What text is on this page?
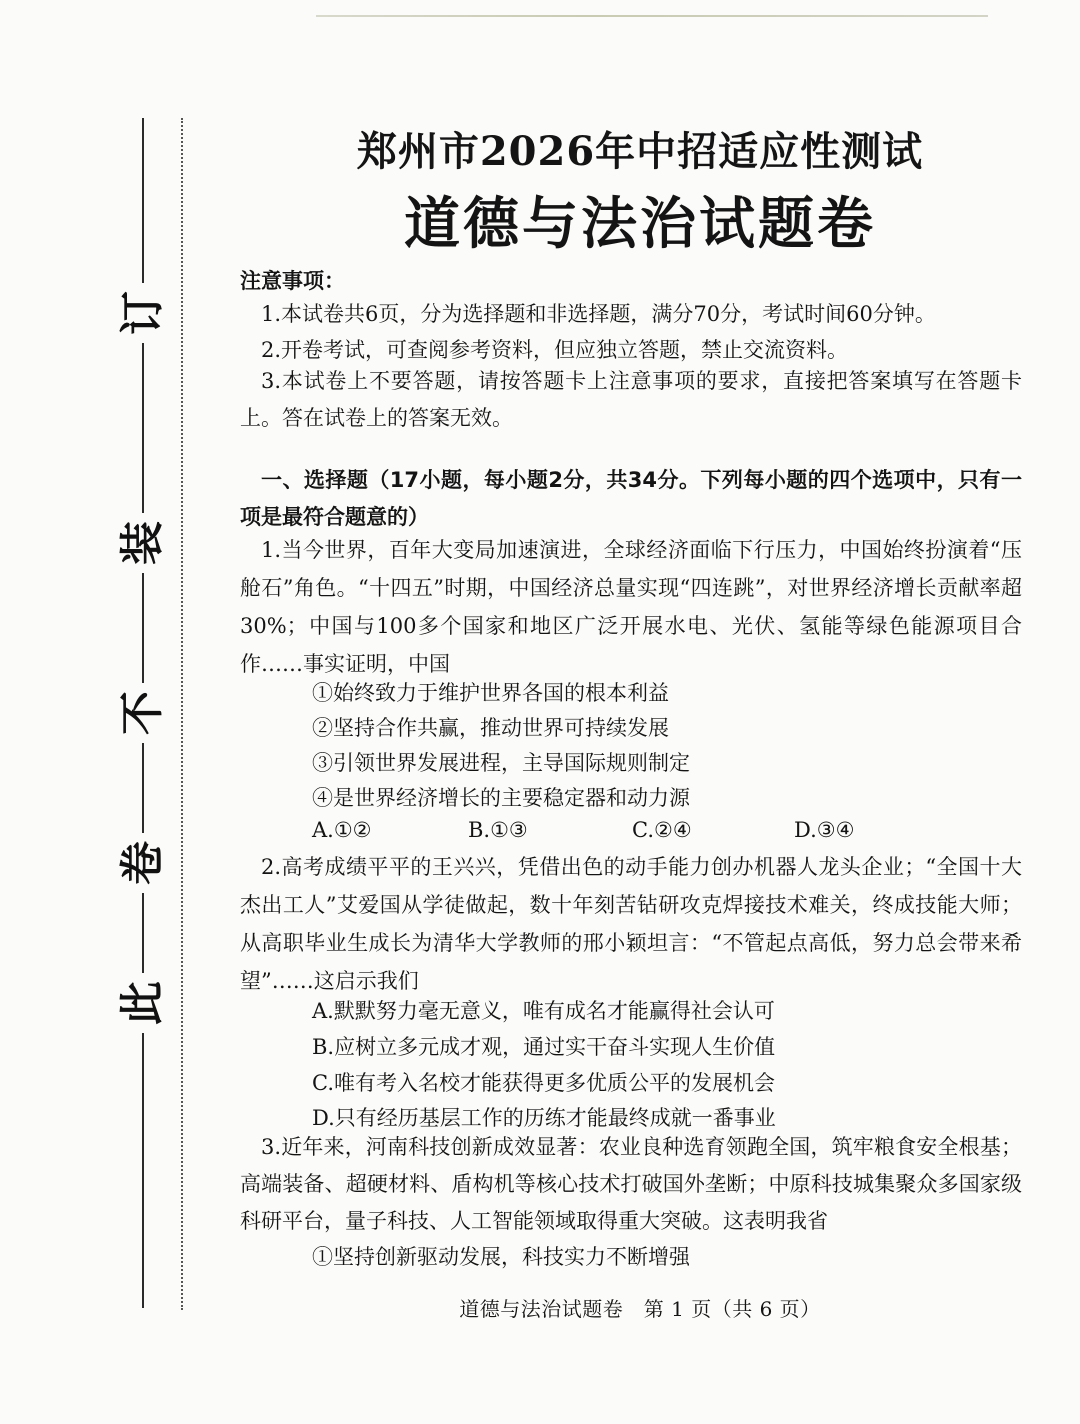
订
装
不
卷
此
郑州市2026年中招适应性测试
道德与法治试题卷
注意事项：
1.本试卷共6页，分为选择题和非选择题，满分70分，考试时间60分钟。
2.开卷考试，可查阅参考资料，但应独立答题，禁止交流资料。
3.本试卷上不要答题，请按答题卡上注意事项的要求，直接把答案填写在答题卡上。答在试卷上的答案无效。
一、选择题（17小题，每小题2分，共34分。下列每小题的四个选项中，只有一项是最符合题意的）
1.当今世界，百年大变局加速演进，全球经济面临下行压力，中国始终扮演着“压舱石”角色。“十四五”时期，中国经济总量实现“四连跳”，对世界经济增长贡献率超30%；中国与100多个国家和地区广泛开展水电、光伏、氢能等绿色能源项目合作……事实证明，中国
①始终致力于维护世界各国的根本利益
②坚持合作共赢，推动世界可持续发展
③引领世界发展进程，主导国际规则制定
④是世界经济增长的主要稳定器和动力源
A.①②	B.①③	C.②④	D.③④
2.高考成绩平平的王兴兴，凭借出色的动手能力创办机器人龙头企业；“全国十大杰出工人”艾爱国从学徒做起，数十年刻苦钻研攻克焊接技术难关，终成技能大师；从高职毕业生成长为清华大学教师的邢小颖坦言：“不管起点高低，努力总会带来希望”……这启示我们
A.默默努力毫无意义，唯有成名才能赢得社会认可
B.应树立多元成才观，通过实干奋斗实现人生价值
C.唯有考入名校才能获得更多优质公平的发展机会
D.只有经历基层工作的历练才能最终成就一番事业
3.近年来，河南科技创新成效显著：农业良种选育领跑全国，筑牢粮食安全根基；高端装备、超硬材料、盾构机等核心技术打破国外垄断；中原科技城集聚众多国家级科研平台，量子科技、人工智能领域取得重大突破。这表明我省
①坚持创新驱动发展，科技实力不断增强
道德与法治试题卷　第 1 页（共 6 页）
